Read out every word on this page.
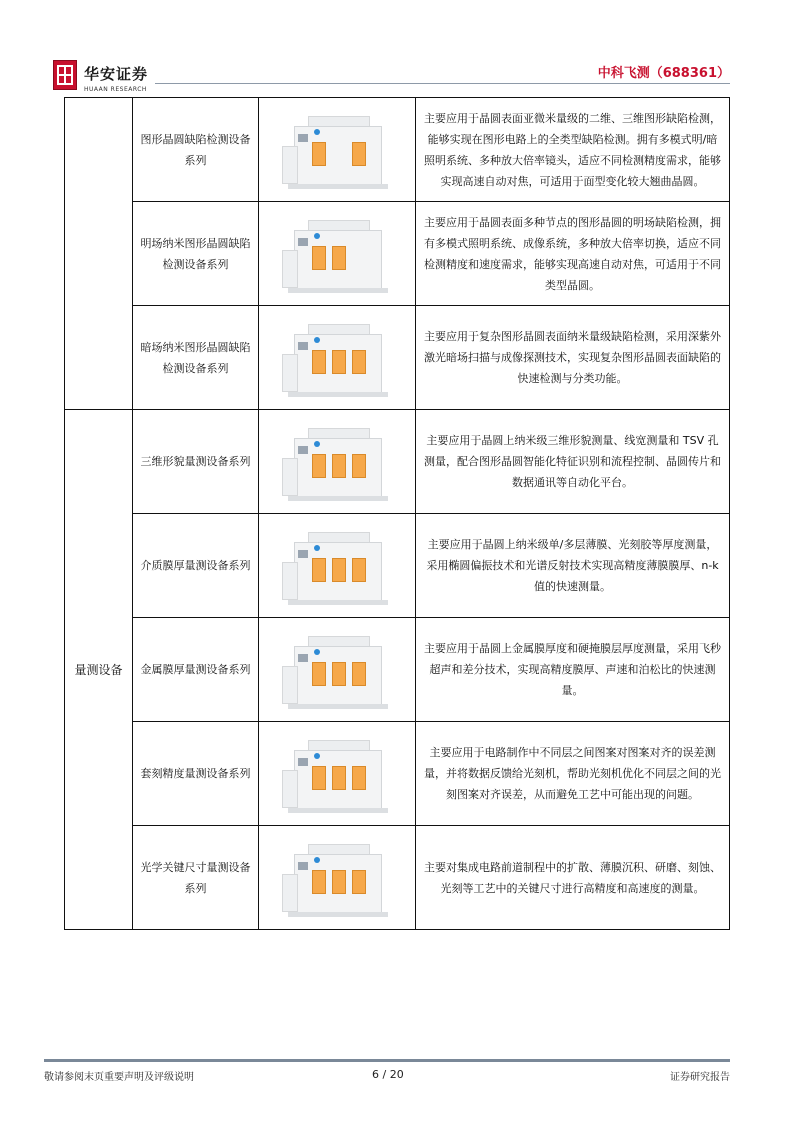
华安证券
HUAAN RESEARCH
中科飞测（688361）
	图形晶圆缺陷检测设备系列		主要应用于晶圆表面亚微米量级的二维、三维图形缺陷检测，能够实现在图形电路上的全类型缺陷检测。拥有多模式明/暗照明系统、多种放大倍率镜头，适应不同检测精度需求，能够实现高速自动对焦，可适用于面型变化较大翘曲晶圆。
	明场纳米图形晶圆缺陷检测设备系列		主要应用于晶圆表面多种节点的图形晶圆的明场缺陷检测，拥有多模式照明系统、成像系统，多种放大倍率切换，适应不同检测精度和速度需求，能够实现高速自动对焦，可适用于不同类型晶圆。
	暗场纳米图形晶圆缺陷检测设备系列		主要应用于复杂图形晶圆表面纳米量级缺陷检测，采用深紫外激光暗场扫描与成像探测技术，实现复杂图形晶圆表面缺陷的快速检测与分类功能。
量测设备	三维形貌量测设备系列		主要应用于晶圆上纳米级三维形貌测量、线宽测量和 TSV 孔测量，配合图形晶圆智能化特征识别和流程控制、晶圆传片和数据通讯等自动化平台。
	介质膜厚量测设备系列		主要应用于晶圆上纳米级单/多层薄膜、光刻胶等厚度测量，采用椭圆偏振技术和光谱反射技术实现高精度薄膜膜厚、n-k 值的快速测量。
	金属膜厚量测设备系列		主要应用于晶圆上金属膜厚度和硬掩膜层厚度测量，采用飞秒超声和差分技术，实现高精度膜厚、声速和泊松比的快速测量。
	套刻精度量测设备系列		主要应用于电路制作中不同层之间图案对图案对齐的误差测量，并将数据反馈给光刻机，帮助光刻机优化不同层之间的光刻图案对齐误差，从而避免工艺中可能出现的问题。
	光学关键尺寸量测设备系列		主要对集成电路前道制程中的扩散、薄膜沉积、研磨、刻蚀、光刻等工艺中的关键尺寸进行高精度和高速度的测量。
敬请参阅末页重要声明及评级说明	6 / 20	证券研究报告
